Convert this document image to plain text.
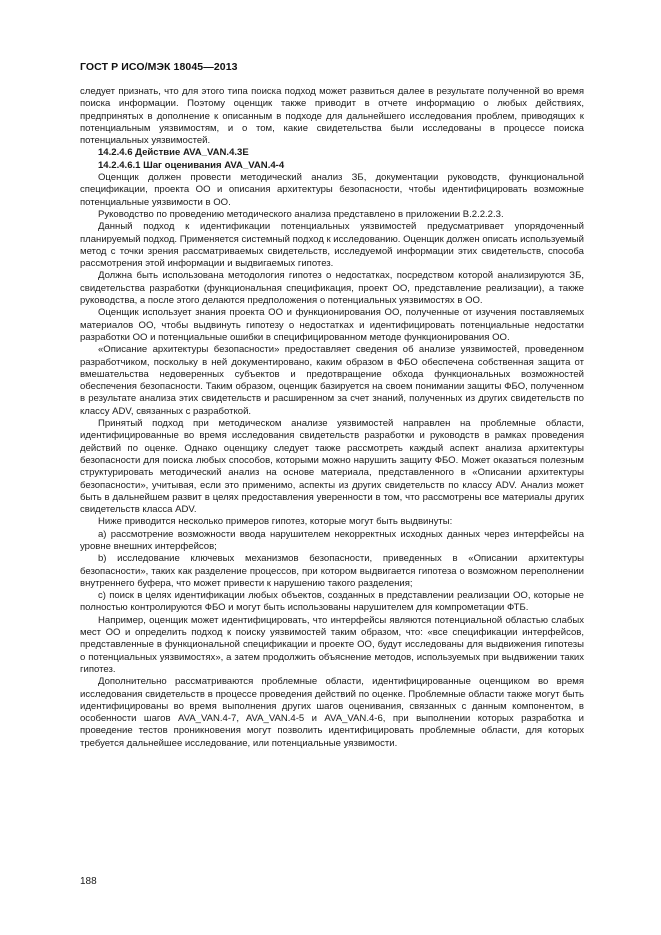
ГОСТ Р ИСО/МЭК 18045—2013

следует признать, что для этого типа поиска подход может развиться далее в результате полученной во время поиска информации. Поэтому оценщик также приводит в отчете информацию о любых действиях, предпринятых в дополнение к описанным в подходе для дальнейшего исследования проблем, приводящих к потенциальным уязвимостям, и о том, какие свидетельства были исследованы в процессе поиска потенциальных уязвимостей.

14.2.4.6 Действие AVA_VAN.4.3E

14.2.4.6.1 Шаг оценивания AVA_VAN.4-4

Оценщик должен провести методический анализ ЗБ, документации руководств, функциональной спецификации, проекта ОО и описания архитектуры безопасности, чтобы идентифицировать возможные потенциальные уязвимости в ОО.

Руководство по проведению методического анализа представлено в приложении В.2.2.2.3.

Данный подход к идентификации потенциальных уязвимостей предусматривает упорядоченный планируемый подход. Применяется системный подход к исследованию. Оценщик должен описать используемый метод с точки зрения рассматриваемых свидетельств, исследуемой информации этих свидетельств, способа рассмотрения этой информации и выдвигаемых гипотез.

Должна быть использована методология гипотез о недостатках, посредством которой анализируются ЗБ, свидетельства разработки (функциональная спецификация, проект ОО, представление реализации), а также руководства, а после этого делаются предположения о потенциальных уязвимостях в ОО.

Оценщик использует знания проекта ОО и функционирования ОО, полученные от изучения поставляемых материалов ОО, чтобы выдвинуть гипотезу о недостатках и идентифицировать потенциальные недостатки разработки ОО и потенциальные ошибки в специфицированном методе функционирования ОО.

«Описание архитектуры безопасности» предоставляет сведения об анализе уязвимостей, проведенном разработчиком, поскольку в ней документировано, каким образом в ФБО обеспечена собственная защита от вмешательства недоверенных субъектов и предотвращение обхода функциональных возможностей обеспечения безопасности. Таким образом, оценщик базируется на своем понимании защиты ФБО, полученном в результате анализа этих свидетельств и расширенном за счет знаний, полученных из других свидетельств по классу ADV, связанных с разработкой.

Принятый подход при методическом анализе уязвимостей направлен на проблемные области, идентифицированные во время исследования свидетельств разработки и руководств в рамках проведения действий по оценке. Однако оценщику следует также рассмотреть каждый аспект анализа архитектуры безопасности для поиска любых способов, которыми можно нарушить защиту ФБО. Может оказаться полезным структурировать методический анализ на основе материала, представленного в «Описании архитектуры безопасности», учитывая, если это применимо, аспекты из других свидетельств по классу ADV. Анализ может быть в дальнейшем развит в целях предоставления уверенности в том, что рассмотрены все материалы других свидетельств класса ADV.

Ниже приводится несколько примеров гипотез, которые могут быть выдвинуты:

а) рассмотрение возможности ввода нарушителем некорректных исходных данных через интерфейсы на уровне внешних интерфейсов;

b) исследование ключевых механизмов безопасности, приведенных в «Описании архитектуры безопасности», таких как разделение процессов, при котором выдвигается гипотеза о возможном переполнении внутреннего буфера, что может привести к нарушению такого разделения;

с) поиск в целях идентификации любых объектов, созданных в представлении реализации ОО, которые не полностью контролируются ФБО и могут быть использованы нарушителем для компрометации ФТБ.

Например, оценщик может идентифицировать, что интерфейсы являются потенциальной областью слабых мест ОО и определить подход к поиску уязвимостей таким образом, что: «все спецификации интерфейсов, представленные в функциональной спецификации и проекте ОО, будут исследованы для выдвижения гипотезы о потенциальных уязвимостях», а затем продолжить объяснение методов, используемых при выдвижении таких гипотез.

Дополнительно рассматриваются проблемные области, идентифицированные оценщиком во время исследования свидетельств в процессе проведения действий по оценке. Проблемные области также могут быть идентифицированы во время выполнения других шагов оценивания, связанных с данным компонентом, в особенности шагов AVA_VAN.4-7, AVA_VAN.4-5 и AVA_VAN.4-6, при выполнении которых разработка и проведение тестов проникновения могут позволить идентифицировать проблемные области, для которых требуется дальнейшее исследование, или потенциальные уязвимости.

188
